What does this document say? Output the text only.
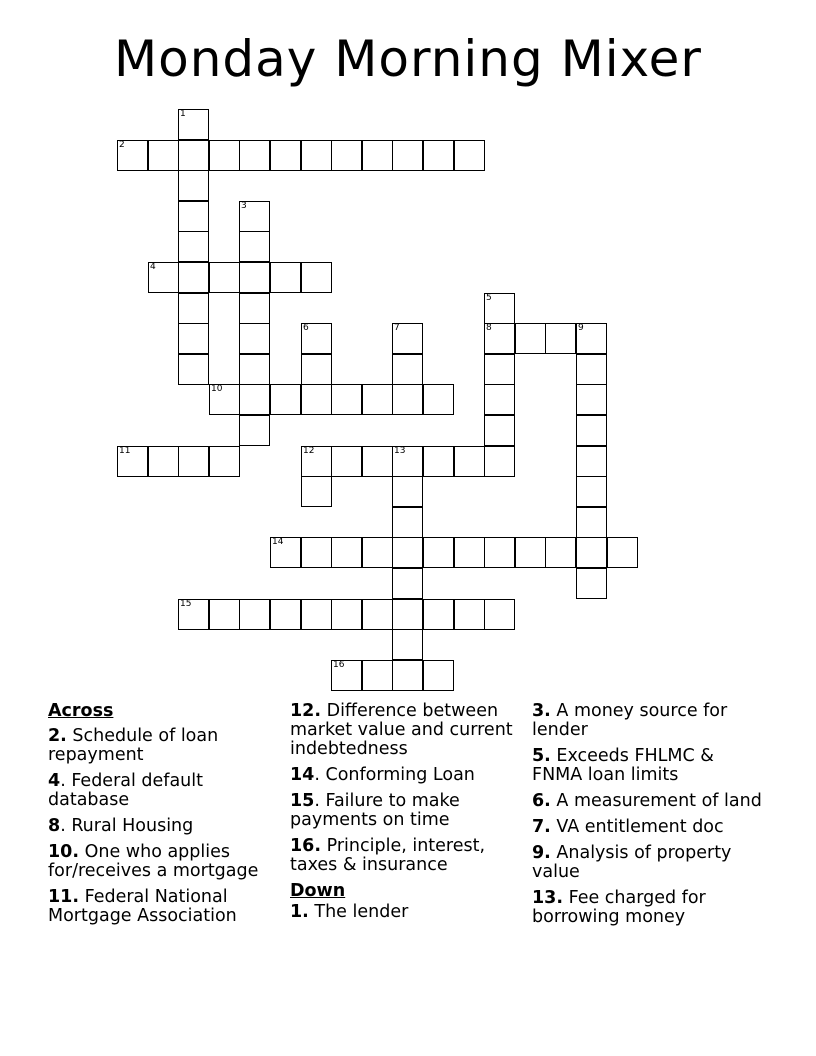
Monday Morning Mixer
1
2
3
4
5
8
6	7	9
10
11	12	13
14
15
16
Across
2. Schedule of loan repayment
4. Federal default database
8. Rural Housing
10. One who applies for/receives a mortgage
11. Federal National Mortgage Association
12. Difference between market value and current indebtedness
14. Conforming Loan
15. Failure to make payments on time
16. Principle, interest, taxes & insurance
Down
1. The lender
3. A money source for lender
5. Exceeds FHLMC & FNMA loan limits
6. A measurement of land
7. VA entitlement doc
9. Analysis of property value
13. Fee charged for borrowing money
